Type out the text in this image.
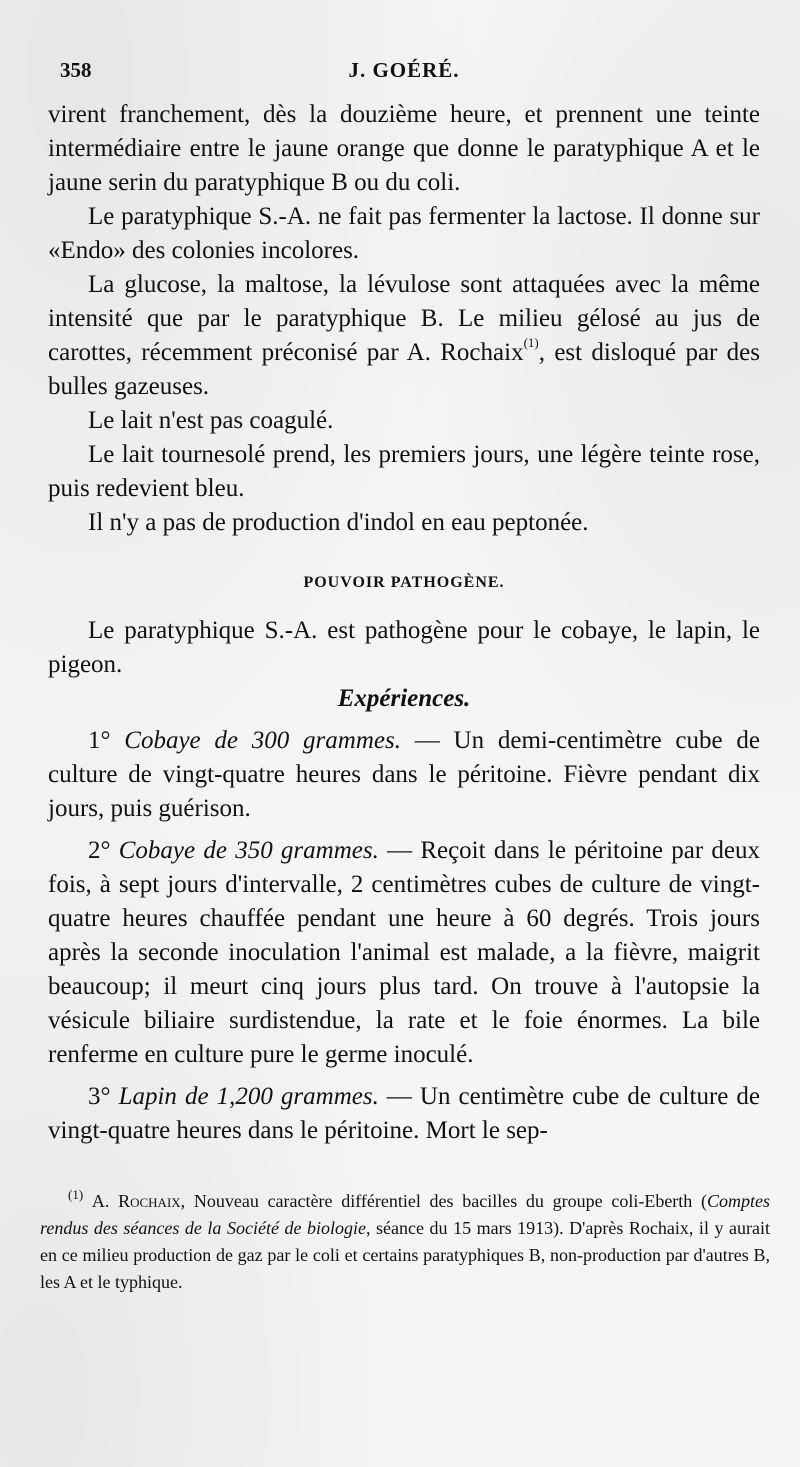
358	J. GOÉRÉ.

virent franchement, dès la douzième heure, et prennent une teinte intermédiaire entre le jaune orange que donne le paratyphique A et le jaune serin du paratyphique B ou du coli.

Le paratyphique S.-A. ne fait pas fermenter la lactose. Il donne sur «Endo» des colonies incolores.

La glucose, la maltose, la lévulose sont attaquées avec la même intensité que par le paratyphique B. Le milieu gélosé au jus de carottes, récemment préconisé par A. Rochaix$^{(1)}$, est disloqué par des bulles gazeuses.

Le lait n'est pas coagulé.

Le lait tournesolé prend, les premiers jours, une légère teinte rose, puis redevient bleu.

Il n'y a pas de production d'indol en eau peptonée.

POUVOIR PATHOGÈNE.

Le paratyphique S.-A. est pathogène pour le cobaye, le lapin, le pigeon.

Expériences.

1° Cobaye de 300 grammes. — Un demi-centimètre cube de culture de vingt-quatre heures dans le péritoine. Fièvre pendant dix jours, puis guérison.

2° Cobaye de 350 grammes. — Reçoit dans le péritoine par deux fois, à sept jours d'intervalle, 2 centimètres cubes de culture de vingt-quatre heures chauffée pendant une heure à 60 degrés. Trois jours après la seconde inoculation l'animal est malade, a la fièvre, maigrit beaucoup; il meurt cinq jours plus tard. On trouve à l'autopsie la vésicule biliaire surdistendue, la rate et le foie énormes. La bile renferme en culture pure le germe inoculé.

3° Lapin de 1,200 grammes. — Un centimètre cube de culture de vingt-quatre heures dans le péritoine. Mort le sep-

$^{(1)}$ A. Rochaix, Nouveau caractère différentiel des bacilles du groupe coli-Eberth (Comptes rendus des séances de la Société de biologie, séance du 15 mars 1913). D'après Rochaix, il y aurait en ce milieu production de gaz par le coli et certains paratyphiques B, non-production par d'autres B, les A et le typhique.
